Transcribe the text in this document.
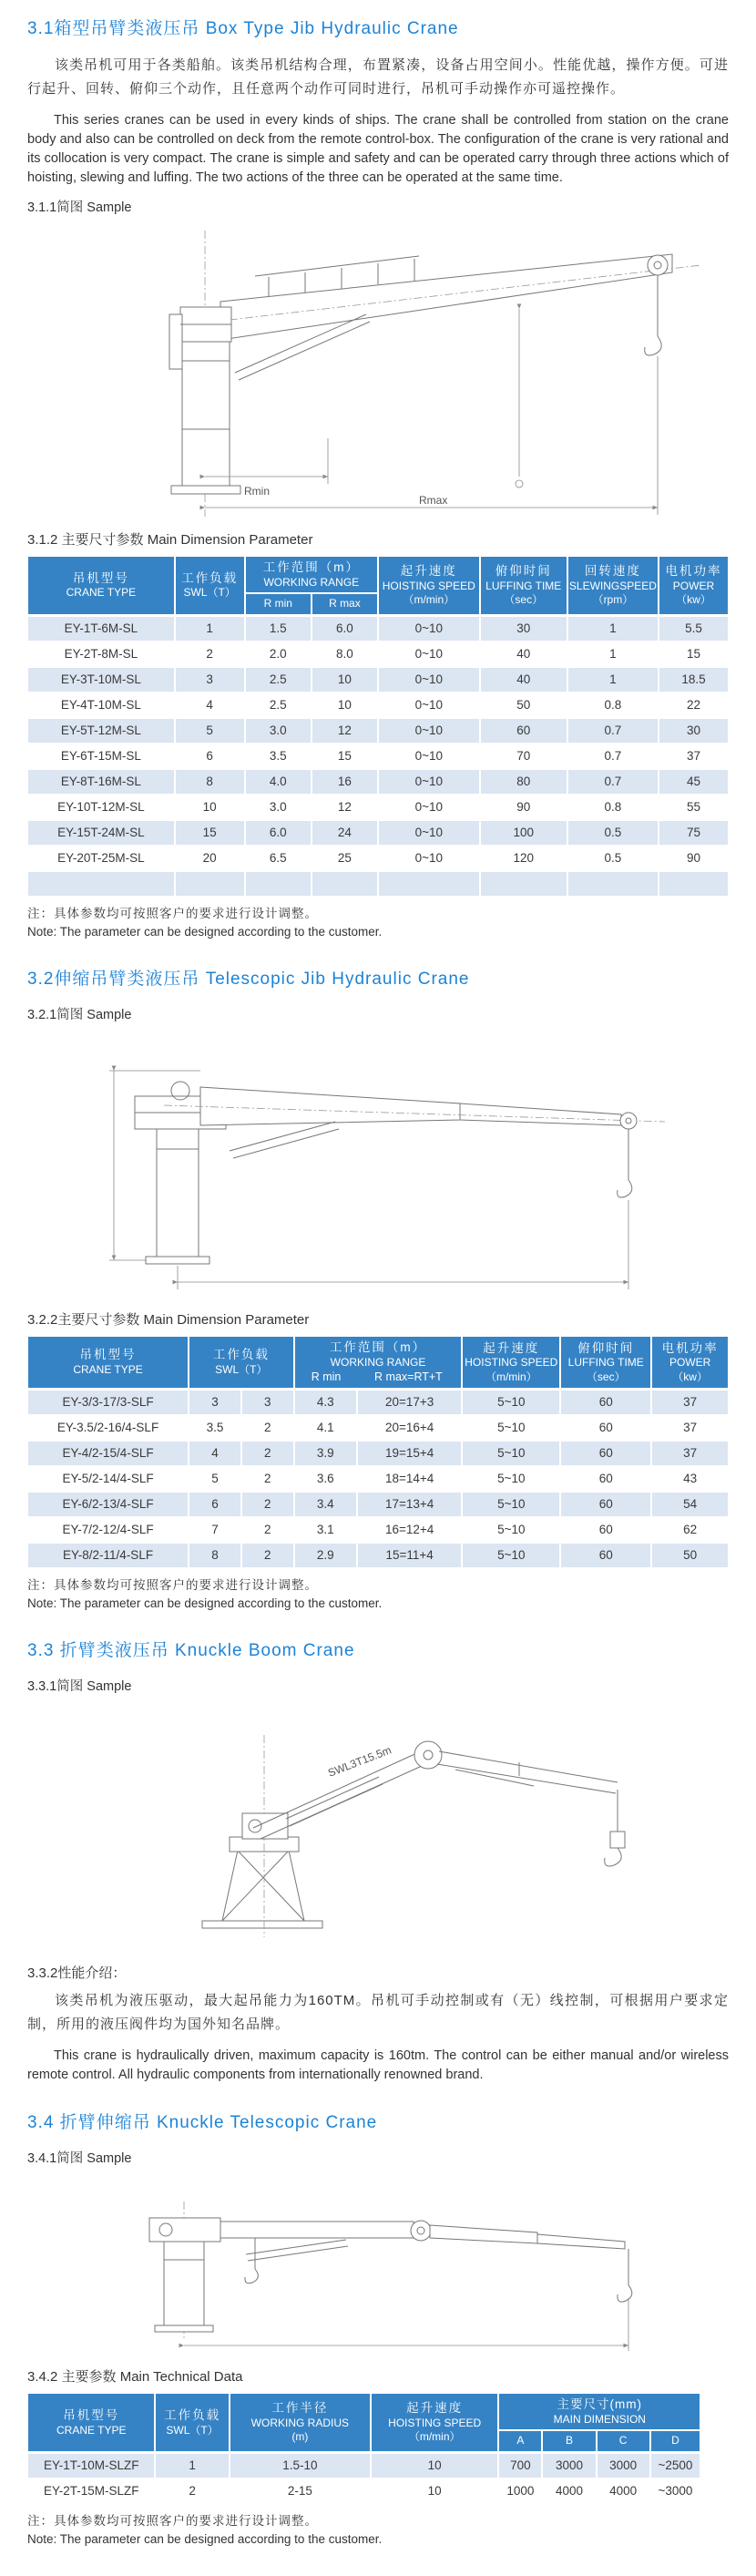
3.1箱型吊臂类液压吊 Box Type Jib Hydraulic Crane

该类吊机可用于各类船舶。该类吊机结构合理，布置紧凑，设备占用空间小。性能优越，操作方便。可进行起升、回转、俯仰三个动作，且任意两个动作可同时进行，吊机可手动操作亦可遥控操作。

This series cranes can be used in every kinds of ships. The crane shall be controlled from station on the crane body and also can be controlled on deck from the remote control-box. The configuration of the crane is very rational and its collocation is very compact. The crane is simple and safety and can be operated carry through three actions which of hoisting, slewing and luffing. The two actions of the three can be operated at the same time.

3.1.1简图 Sample
Rmin
Rmax
3.1.2 主要尺寸参数 Main Dimension Parameter
吊机型号
CRANE TYPE

工作负载
SWL（T）

工作范围（m）
WORKING RANGE

起升速度
HOISTING SPEED
（m/min）

俯仰时间
LUFFING TIME
（sec）

回转速度
SLEWINGSPEED
（rpm）

电机功率
POWER
（kw）

		R min	R max				

EY-1T-6M-SL	1	1.5	6.0	0~10	30	1	5.5
EY-2T-8M-SL	2	2.0	8.0	0~10	40	1	15
EY-3T-10M-SL	3	2.5	10	0~10	40	1	18.5
EY-4T-10M-SL	4	2.5	10	0~10	50	0.8	22
EY-5T-12M-SL	5	3.0	12	0~10	60	0.7	30
EY-6T-15M-SL	6	3.5	15	0~10	70	0.7	37
EY-8T-16M-SL	8	4.0	16	0~10	80	0.7	45
EY-10T-12M-SL	10	3.0	12	0~10	90	0.8	55
EY-15T-24M-SL	15	6.0	24	0~10	100	0.5	75
EY-20T-25M-SL	20	6.5	25	0~10	120	0.5	90

注：具体参数均可按照客户的要求进行设计调整。
Note: The parameter can be designed according to the customer.
3.2伸缩吊臂类液压吊 Telescopic Jib Hydraulic Crane
3.2.1简图 Sample
3.2.2主要尺寸参数 Main Dimension Parameter
吊机型号
CRANE TYPE

工作负载
SWL（T）

工作范围（m）
WORKING RANGE
R min	R max=RT+T

起升速度
HOISTING SPEED
（m/min）

俯仰时间
LUFFING TIME
（sec）

电机功率
POWER
（kw）

EY-3/3-17/3-SLF	3	3	4.3	20=17+3	5~10	60	37
EY-3.5/2-16/4-SLF	3.5	2	4.1	20=16+4	5~10	60	37
EY-4/2-15/4-SLF	4	2	3.9	19=15+4	5~10	60	37
EY-5/2-14/4-SLF	5	2	3.6	18=14+4	5~10	60	43
EY-6/2-13/4-SLF	6	2	3.4	17=13+4	5~10	60	54
EY-7/2-12/4-SLF	7	2	3.1	16=12+4	5~10	60	62
EY-8/2-11/4-SLF	8	2	2.9	15=11+4	5~10	60	50
注：具体参数均可按照客户的要求进行设计调整。
Note: The parameter can be designed according to the customer.
3.3 折臂类液压吊 Knuckle Boom Crane
3.3.1简图 Sample
SWL3T15.5m
3.3.2性能介绍：

该类吊机为液压驱动，最大起吊能力为160TM。吊机可手动控制或有（无）线控制，可根据用户要求定制，所用的液压阀件均为国外知名品牌。

This crane is hydraulically driven, maximum capacity is 160tm. The control can be either manual and/or wireless remote control. All hydraulic components from internationally renowned brand.

3.4 折臂伸缩吊 Knuckle Telescopic Crane
3.4.1简图 Sample
3.4.2 主要参数 Main Technical Data
吊机型号
CRANE TYPE

工作负载
SWL（T）

工作半径
WORKING RADIUS
(m)

起升速度
HOISTING SPEED
（m/min）

主要尺寸(mm)
MAIN DIMENSION

				A	B	C	D

EY-1T-10M-SLZF	1	1.5-10	10	700	3000	3000	~2500
EY-2T-15M-SLZF	2	2-15	10	1000	4000	4000	~3000
注：具体参数均可按照客户的要求进行设计调整。
Note: The parameter can be designed according to the customer.
